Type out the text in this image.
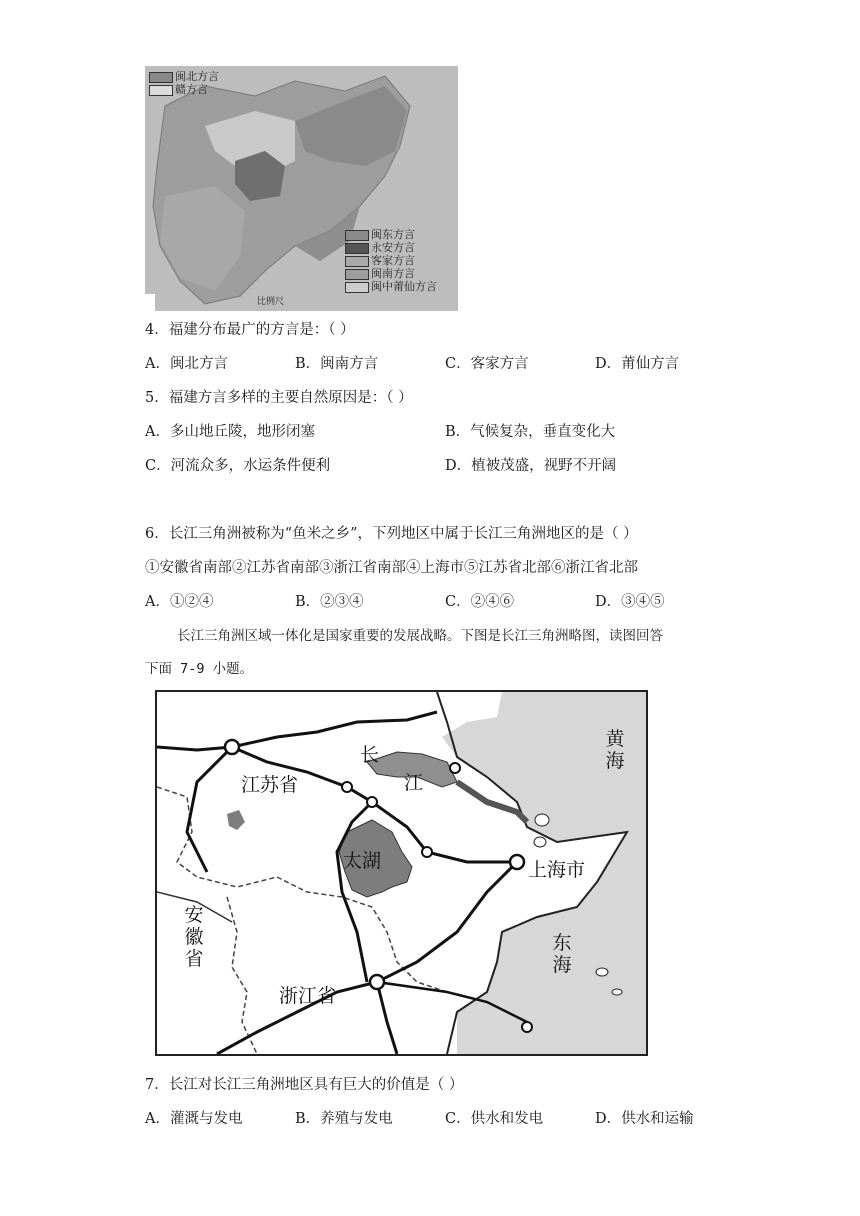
闽北方言
赣方言
闽东方言
永安方言
客家方言
闽南方言
闽中莆仙方言
比例尺
4．福建分布最广的方言是：（ ）
A．闽北方言	B．闽南方言	C．客家方言	D．莆仙方言
5．福建方言多样的主要自然原因是：（ ）
A．多山地丘陵，地形闭塞	B．气候复杂，垂直变化大
C．河流众多，水运条件便利	D．植被茂盛，视野不开阔
6．长江三角洲被称为“鱼米之乡”，下列地区中属于长江三角洲地区的是（ ）
①安徽省南部②江苏省南部③浙江省南部④上海市⑤江苏省北部⑥浙江省北部
A．①②④	B．②③④	C．②④⑥	D．③④⑤
长江三角洲区域一体化是国家重要的发展战略。下图是长江三角洲略图，读图回答
下面 7-9 小题。
黄海
长
江
江苏省
太湖	上海市
安徽省
东海
浙江省
7．长江对长江三角洲地区具有巨大的价值是（ ）
A．灌溉与发电	B．养殖与发电	C．供水和发电	D．供水和运输
